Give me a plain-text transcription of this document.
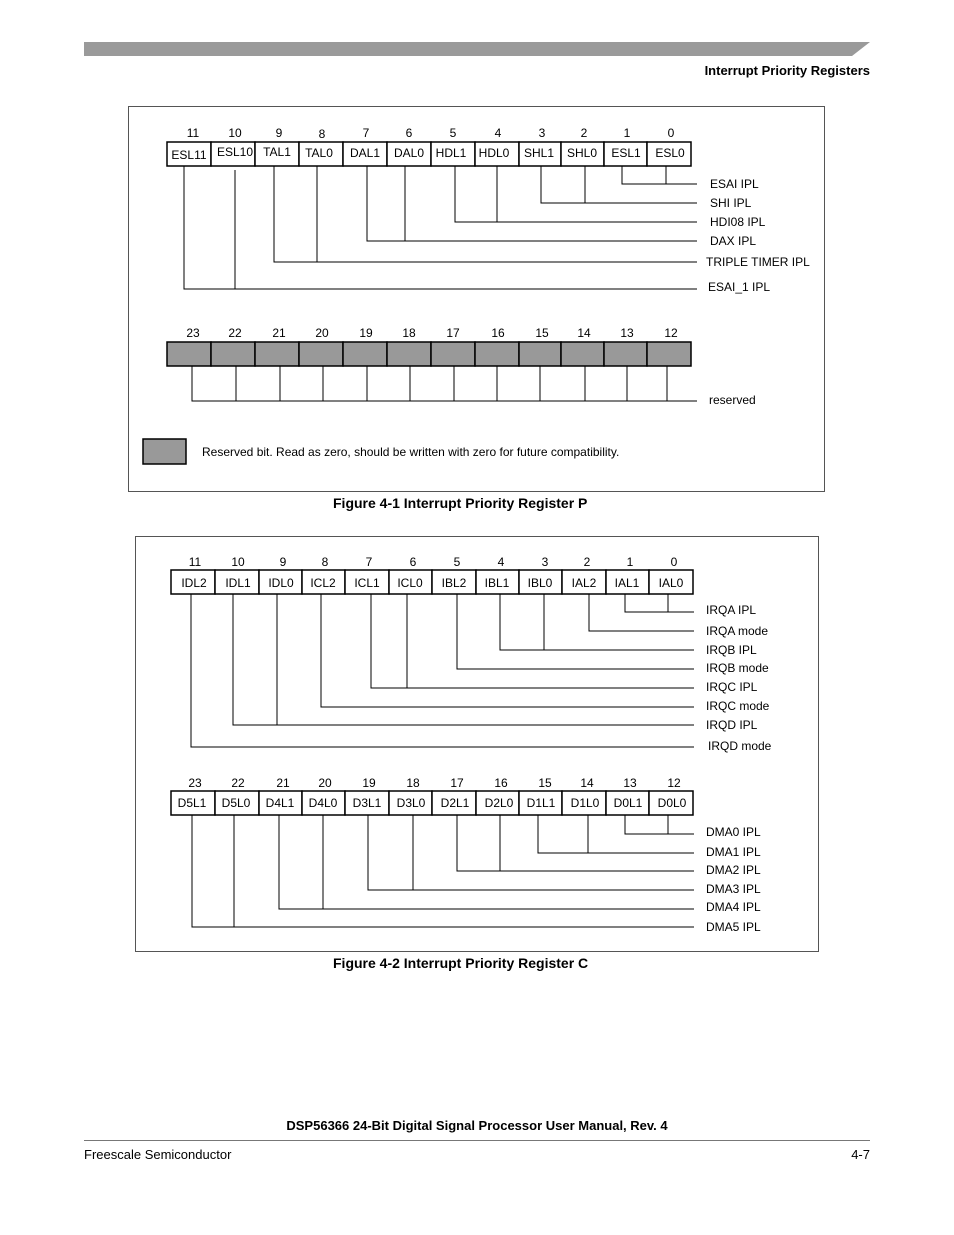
Interrupt Priority Registers
11 10	9	8	7	6	5	4	3	2	1	0
ESL11 ESL10 TAL1 TAL0 DAL1 DAL0 HDL1 HDL0 SHL1 SHL0 ESL1 ESL0
ESAI IPL
SHI IPL
HDI08 IPL
DAX IPL
TRIPLE TIMER IPL
ESAI_1 IPL
23 22	21 20	19 18	17	16	15 14 13	12
reserved
Reserved bit. Read as zero, should be written with zero for future compatibility.
Figure 4-1 Interrupt Priority Register P
11	10	9	8	7	6	5	4	3	2	1	0
IDL2 IDL1 IDL0 ICL2 ICL1 ICL0 IBL2 IBL1 IBL0 IAL2 IAL1 IAL0
IRQA IPL
IRQA mode
IRQB IPL
IRQB mode
IRQC IPL
IRQC mode
IRQD IPL
IRQD mode
23 22	21 20	19	18	17	16	15 14 13	12
D5L1 D5L0 D4L1 D4L0 D3L1 D3L0 D2L1 D2L0 D1L1 D1L0 D0L1 D0L0
DMA0 IPL
DMA1 IPL
DMA2 IPL
DMA3 IPL
DMA4 IPL
DMA5 IPL
Figure 4-2 Interrupt Priority Register C
DSP56366 24-Bit Digital Signal Processor User Manual, Rev. 4
Freescale Semiconductor	4-7
